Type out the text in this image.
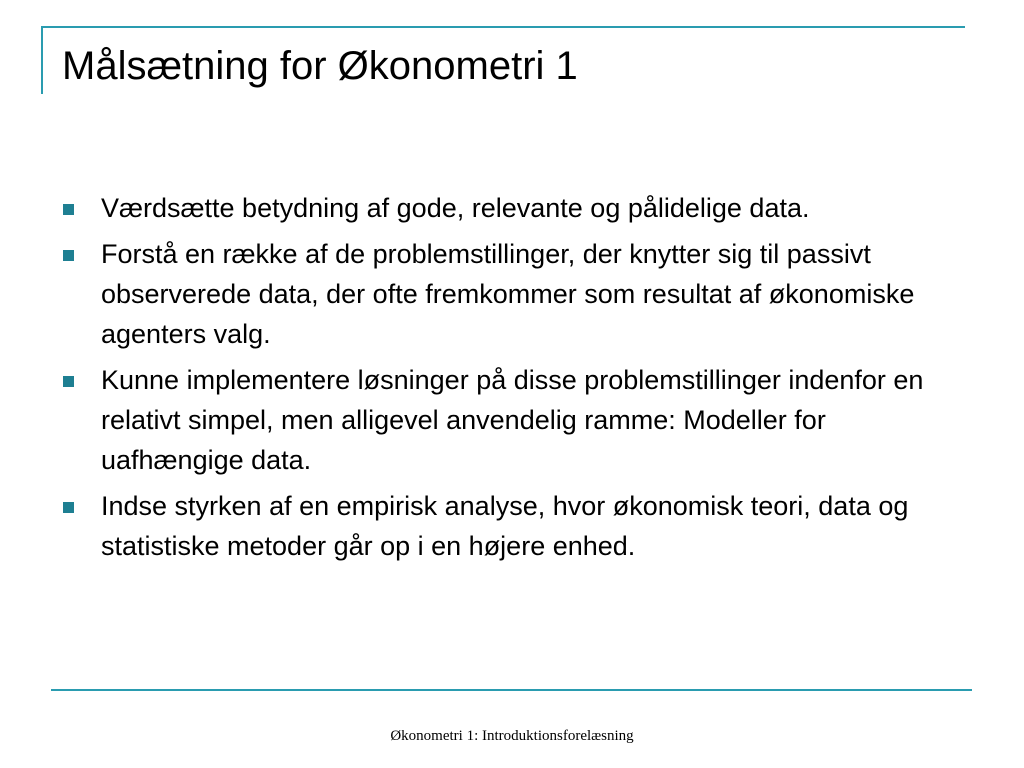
Målsætning for Økonometri 1
Værdsætte betydning af gode, relevante og pålidelige data.
Forstå en række af de problemstillinger, der knytter sig til passivt observerede data, der ofte fremkommer som resultat af økonomiske agenters valg.
Kunne implementere løsninger på disse problemstillinger indenfor en relativt simpel, men alligevel anvendelig ramme: Modeller for uafhængige data.
Indse styrken af en empirisk analyse, hvor økonomisk teori, data og statistiske metoder går op i en højere enhed.
Økonometri 1: Introduktionsforelæsning
